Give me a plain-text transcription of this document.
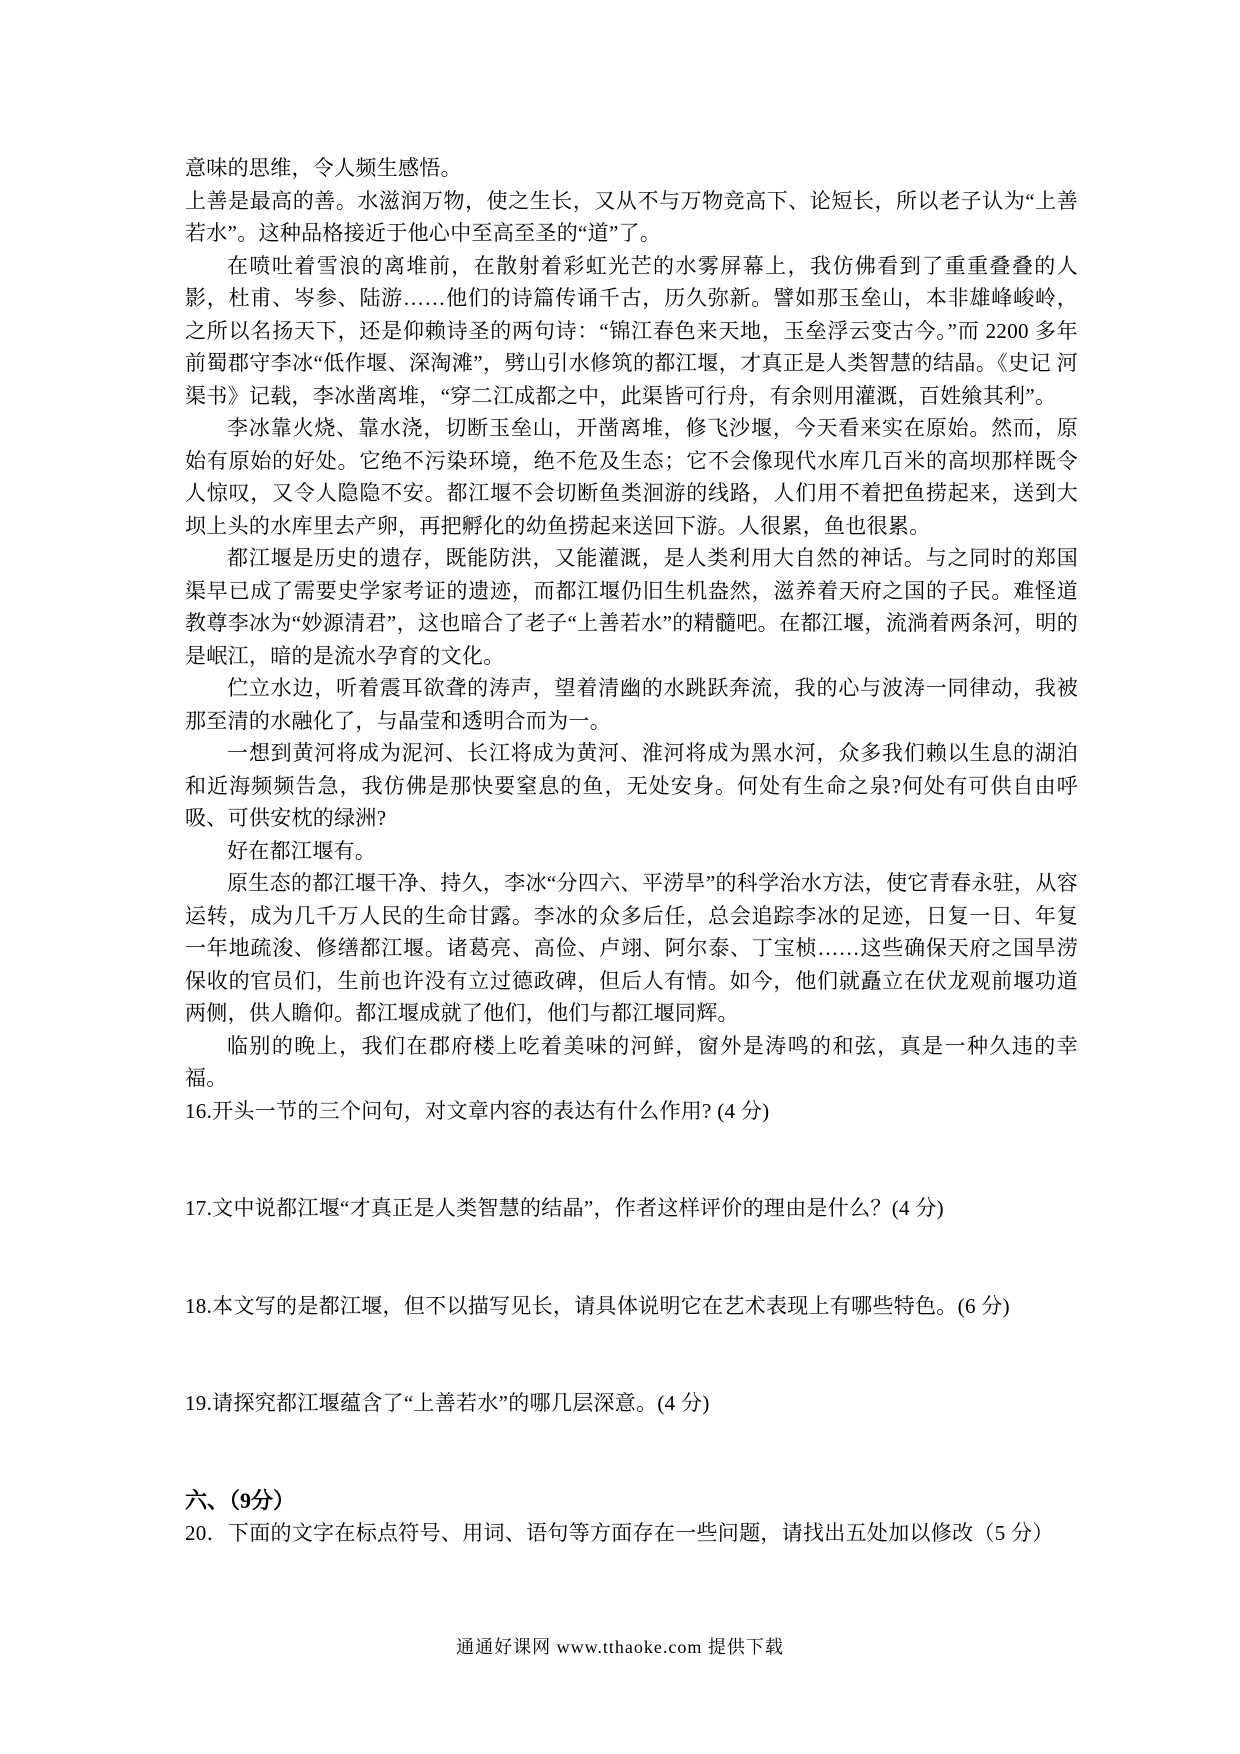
意味的思维，令人频生感悟。

上善是最高的善。水滋润万物，使之生长，又从不与万物竞高下、论短长，所以老子认为“上善若水”。这种品格接近于他心中至高至圣的“道”了。

在喷吐着雪浪的离堆前，在散射着彩虹光芒的水雾屏幕上，我仿佛看到了重重叠叠的人影，杜甫、岑参、陆游……他们的诗篇传诵千古，历久弥新。譬如那玉垒山，本非雄峰峻岭，之所以名扬天下，还是仰赖诗圣的两句诗：“锦江春色来天地，玉垒浮云变古今。”而 2200 多年前蜀郡守李冰“低作堰、深淘滩”，劈山引水修筑的都江堰，才真正是人类智慧的结晶。《史记 河渠书》记载，李冰凿离堆，“穿二江成都之中，此渠皆可行舟，有余则用灌溉，百姓飨其利”。

李冰靠火烧、靠水浇，切断玉垒山，开凿离堆，修飞沙堰，今天看来实在原始。然而，原始有原始的好处。它绝不污染环境，绝不危及生态；它不会像现代水库几百米的高坝那样既令人惊叹，又令人隐隐不安。都江堰不会切断鱼类洄游的线路，人们用不着把鱼捞起来，送到大坝上头的水库里去产卵，再把孵化的幼鱼捞起来送回下游。人很累，鱼也很累。

都江堰是历史的遗存，既能防洪，又能灌溉，是人类利用大自然的神话。与之同时的郑国渠早已成了需要史学家考证的遗迹，而都江堰仍旧生机盎然，滋养着天府之国的子民。难怪道教尊李冰为“妙源清君”，这也暗合了老子“上善若水”的精髓吧。在都江堰，流淌着两条河，明的是岷江，暗的是流水孕育的文化。

伫立水边，听着震耳欲聋的涛声，望着清幽的水跳跃奔流，我的心与波涛一同律动，我被那至清的水融化了，与晶莹和透明合而为一。

一想到黄河将成为泥河、长江将成为黄河、淮河将成为黑水河，众多我们赖以生息的湖泊和近海频频告急，我仿佛是那快要窒息的鱼，无处安身。何处有生命之泉?何处有可供自由呼吸、可供安枕的绿洲?

好在都江堰有。

原生态的都江堰干净、持久，李冰“分四六、平涝旱”的科学治水方法，使它青春永驻，从容运转，成为几千万人民的生命甘露。李冰的众多后任，总会追踪李冰的足迹，日复一日、年复一年地疏浚、修缮都江堰。诸葛亮、高俭、卢翊、阿尔泰、丁宝桢……这些确保天府之国旱涝保收的官员们，生前也许没有立过德政碑，但后人有情。如今，他们就矗立在伏龙观前堰功道两侧，供人瞻仰。都江堰成就了他们，他们与都江堰同辉。

临别的晚上，我们在郡府楼上吃着美味的河鲜，窗外是涛鸣的和弦，真是一种久违的幸福。

16.开头一节的三个问句，对文章内容的表达有什么作用? (4 分)

17.文中说都江堰“才真正是人类智慧的结晶”，作者这样评价的理由是什么？(4 分)

18.本文写的是都江堰，但不以描写见长，请具体说明它在艺术表现上有哪些特色。(6 分)

19.请探究都江堰蕴含了“上善若水”的哪几层深意。(4 分)

六、（9分）

20．下面的文字在标点符号、用词、语句等方面存在一些问题，请找出五处加以修改（5 分）

通通好课网 www.tthaoke.com 提供下载
